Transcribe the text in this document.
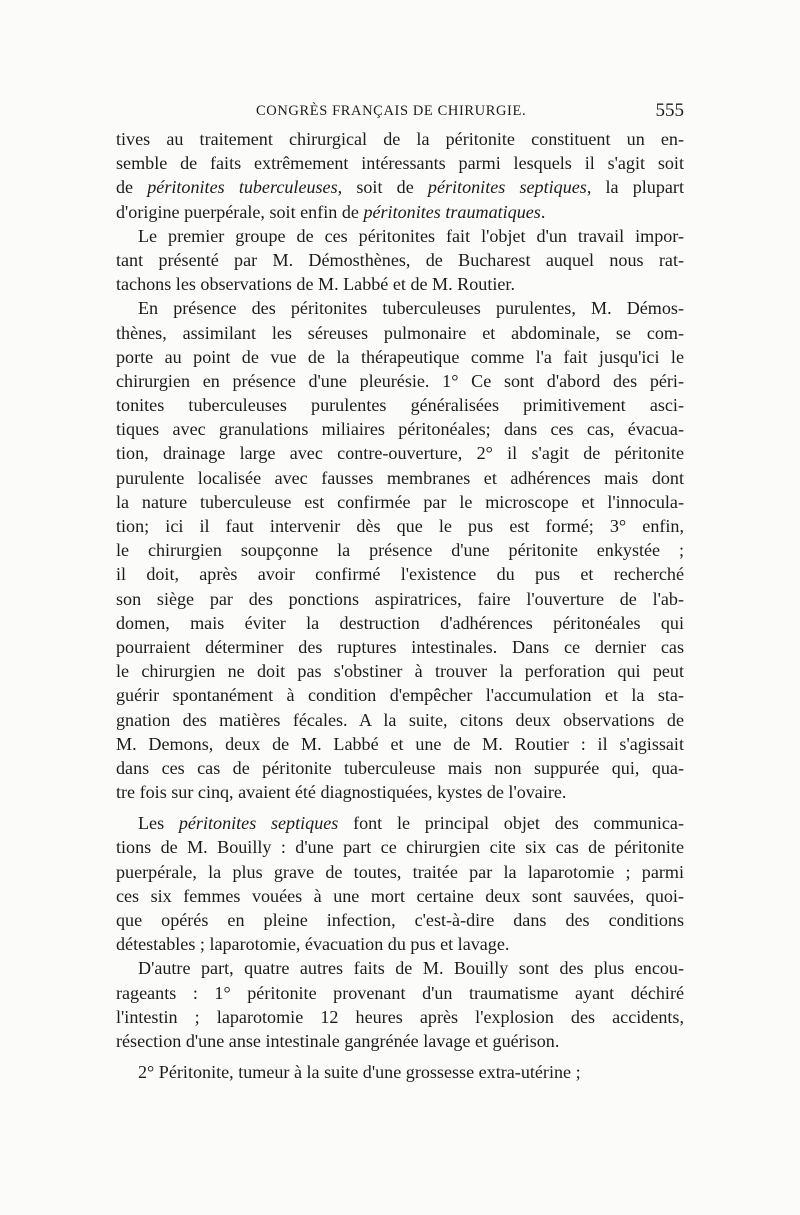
CONGRÈS FRANÇAIS DE CHIRURGIE.	555
tives au traitement chirurgical de la péritonite constituent un en-
semble de faits extrêmement intéressants parmi lesquels il s'agit soit
de péritonites tuberculeuses, soit de péritonites septiques, la plupart
d'origine puerpérale, soit enfin de péritonites traumatiques.
Le premier groupe de ces péritonites fait l'objet d'un travail impor-
tant présenté par M. Démosthènes, de Bucharest auquel nous rat-
tachons les observations de M. Labbé et de M. Routier.
En présence des péritonites tuberculeuses purulentes, M. Démos-
thènes, assimilant les séreuses pulmonaire et abdominale, se com-
porte au point de vue de la thérapeutique comme l'a fait jusqu'ici le
chirurgien en présence d'une pleurésie. 1° Ce sont d'abord des péri-
tonites tuberculeuses purulentes généralisées primitivement asci-
tiques avec granulations miliaires péritonéales; dans ces cas, évacua-
tion, drainage large avec contre-ouverture, 2° il s'agit de péritonite
purulente localisée avec fausses membranes et adhérences mais dont
la nature tuberculeuse est confirmée par le microscope et l'innocula-
tion; ici il faut intervenir dès que le pus est formé; 3° enfin,
le chirurgien soupçonne la présence d'une péritonite enkystée ;
il doit, après avoir confirmé l'existence du pus et recherché
son siège par des ponctions aspiratrices, faire l'ouverture de l'ab-
domen, mais éviter la destruction d'adhérences péritonéales qui
pourraient déterminer des ruptures intestinales. Dans ce dernier cas
le chirurgien ne doit pas s'obstiner à trouver la perforation qui peut
guérir spontanément à condition d'empêcher l'accumulation et la sta-
gnation des matières fécales. A la suite, citons deux observations de
M. Demons, deux de M. Labbé et une de M. Routier : il s'agissait
dans ces cas de péritonite tuberculeuse mais non suppurée qui, qua-
tre fois sur cinq, avaient été diagnostiquées, kystes de l'ovaire.
Les péritonites septiques font le principal objet des communica-
tions de M. Bouilly : d'une part ce chirurgien cite six cas de péritonite
puerpérale, la plus grave de toutes, traitée par la laparotomie ; parmi
ces six femmes vouées à une mort certaine deux sont sauvées, quoi-
que opérés en pleine infection, c'est-à-dire dans des conditions
détestables ; laparotomie, évacuation du pus et lavage.
D'autre part, quatre autres faits de M. Bouilly sont des plus encou-
rageants : 1° péritonite provenant d'un traumatisme ayant déchiré
l'intestin ; laparotomie 12 heures après l'explosion des accidents,
résection d'une anse intestinale gangrénée lavage et guérison.
2° Péritonite, tumeur à la suite d'une grossesse extra-utérine ;
